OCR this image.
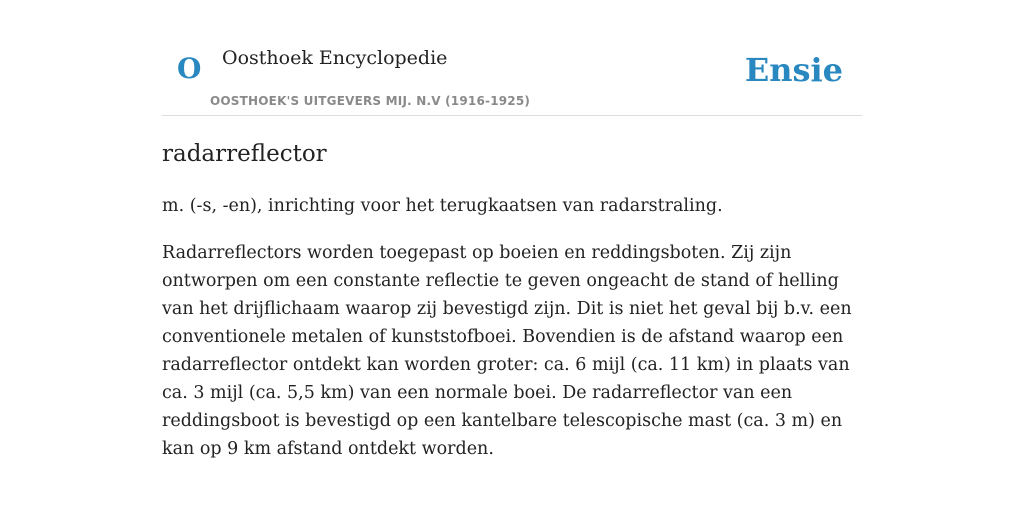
O Oosthoek Encyclopedie
OOSTHOEK'S UITGEVERS MIJ. N.V (1916-1925)
Ensie
radarreflector

m. (-s, -en), inrichting voor het terugkaatsen van radarstraling.

Radarreflectors worden toegepast op boeien en reddingsboten. Zij zijn ontworpen om een constante reflectie te geven ongeacht de stand of helling van het drijflichaam waarop zij bevestigd zijn. Dit is niet het geval bij b.v. een conventionele metalen of kunststofboei. Bovendien is de afstand waarop een radarreflector ontdekt kan worden groter: ca. 6 mijl (ca. 11 km) in plaats van ca. 3 mijl (ca. 5,5 km) van een normale boei. De radarreflector van een reddingsboot is bevestigd op een kantelbare telescopische mast (ca. 3 m) en kan op 9 km afstand ontdekt worden.
